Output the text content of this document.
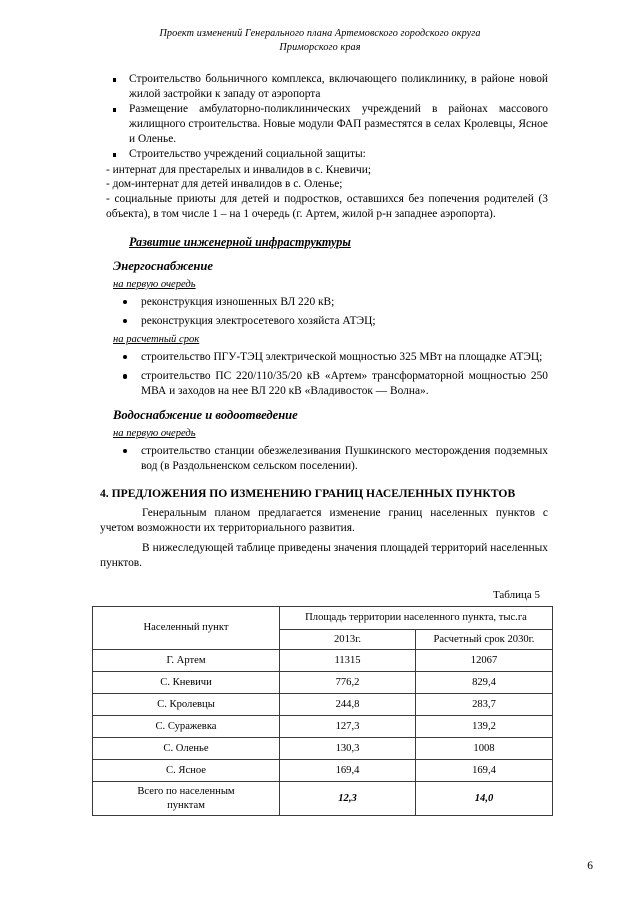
Проект изменений Генерального плана Артемовского городского округа
Приморского края
Строительство больничного комплекса, включающего поликлинику, в районе новой жилой застройки к западу от аэропорта
Размещение амбулаторно-поликлинических учреждений в районах массового жилищного строительства. Новые модули ФАП разместятся в селах Кролевцы, Ясное и Оленье.
Строительство учреждений социальной защиты:

- интернат для престарелых и инвалидов в с. Кневичи;

- дом-интернат для детей инвалидов в с. Оленье;

- социальные приюты для детей и подростков, оставшихся без попечения родителей (3 объекта), в том числе 1 – на 1 очередь (г. Артем, жилой р-н западнее аэропорта).

Развитие инженерной инфраструктуры

Энергоснабжение

на первую очередь

реконструкция изношенных ВЛ 220 кВ;
реконструкция электросетевого хозяйста АТЭЦ;

на расчетный срок

строительство ПГУ-ТЭЦ электрической мощностью 325 МВт на площадке АТЭЦ;
строительство ПС 220/110/35/20 кВ «Артем» трансформаторной мощностью 250 МВА и заходов на нее ВЛ 220 кВ «Владивосток — Волна».

Водоснабжение и водоотведение

на первую очередь

строительство станции обезжелезивания Пушкинского месторождения подземных вод (в Раздольненском сельском поселении).

4. ПРЕДЛОЖЕНИЯ ПО ИЗМЕНЕНИЮ ГРАНИЦ НАСЕЛЕННЫХ ПУНКТОВ

Генеральным планом предлагается изменение границ населенных пунктов с учетом возможности их территориального развития.

В нижеследующей таблице приведены значения площадей территорий населенных пунктов.

Таблица 5

Населенный пункт	Площадь территории населенного пункта, тыс.га	
	2013г.	Расчетный срок 2030г.
Г. Артем	11315	12067
С. Кневичи	776,2	829,4
С. Кролевцы	244,8	283,7
С. Суражевка	127,3	139,2
С. Оленье	130,3	1008
С. Ясное	169,4	169,4
Всего по населенным
пунктам	12,3	14,0
6
